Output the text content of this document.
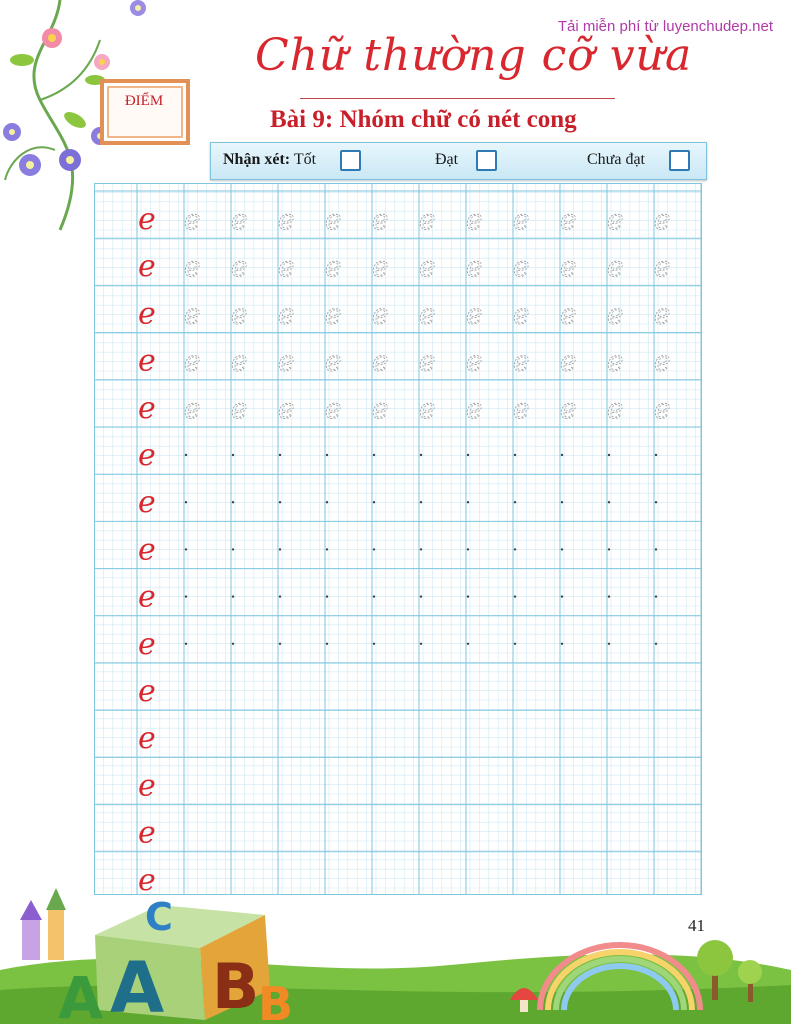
Tải miễn phí từ luyenchudep.net
Chữ thường cỡ vừa
Bài 9: Nhóm chữ có nét cong
ĐIỂM
Nhận xét: Tốt	Đạt	Chưa đạt
e e e e e e e e e e e e
e e e e e e e e e e e e
e e e e e e e e e e e e
e e e e e e e e e e e e
e e e e e e e e e e e e
e
e
e
e
e
e
e
e
e
e
41
C
A B
A	B
